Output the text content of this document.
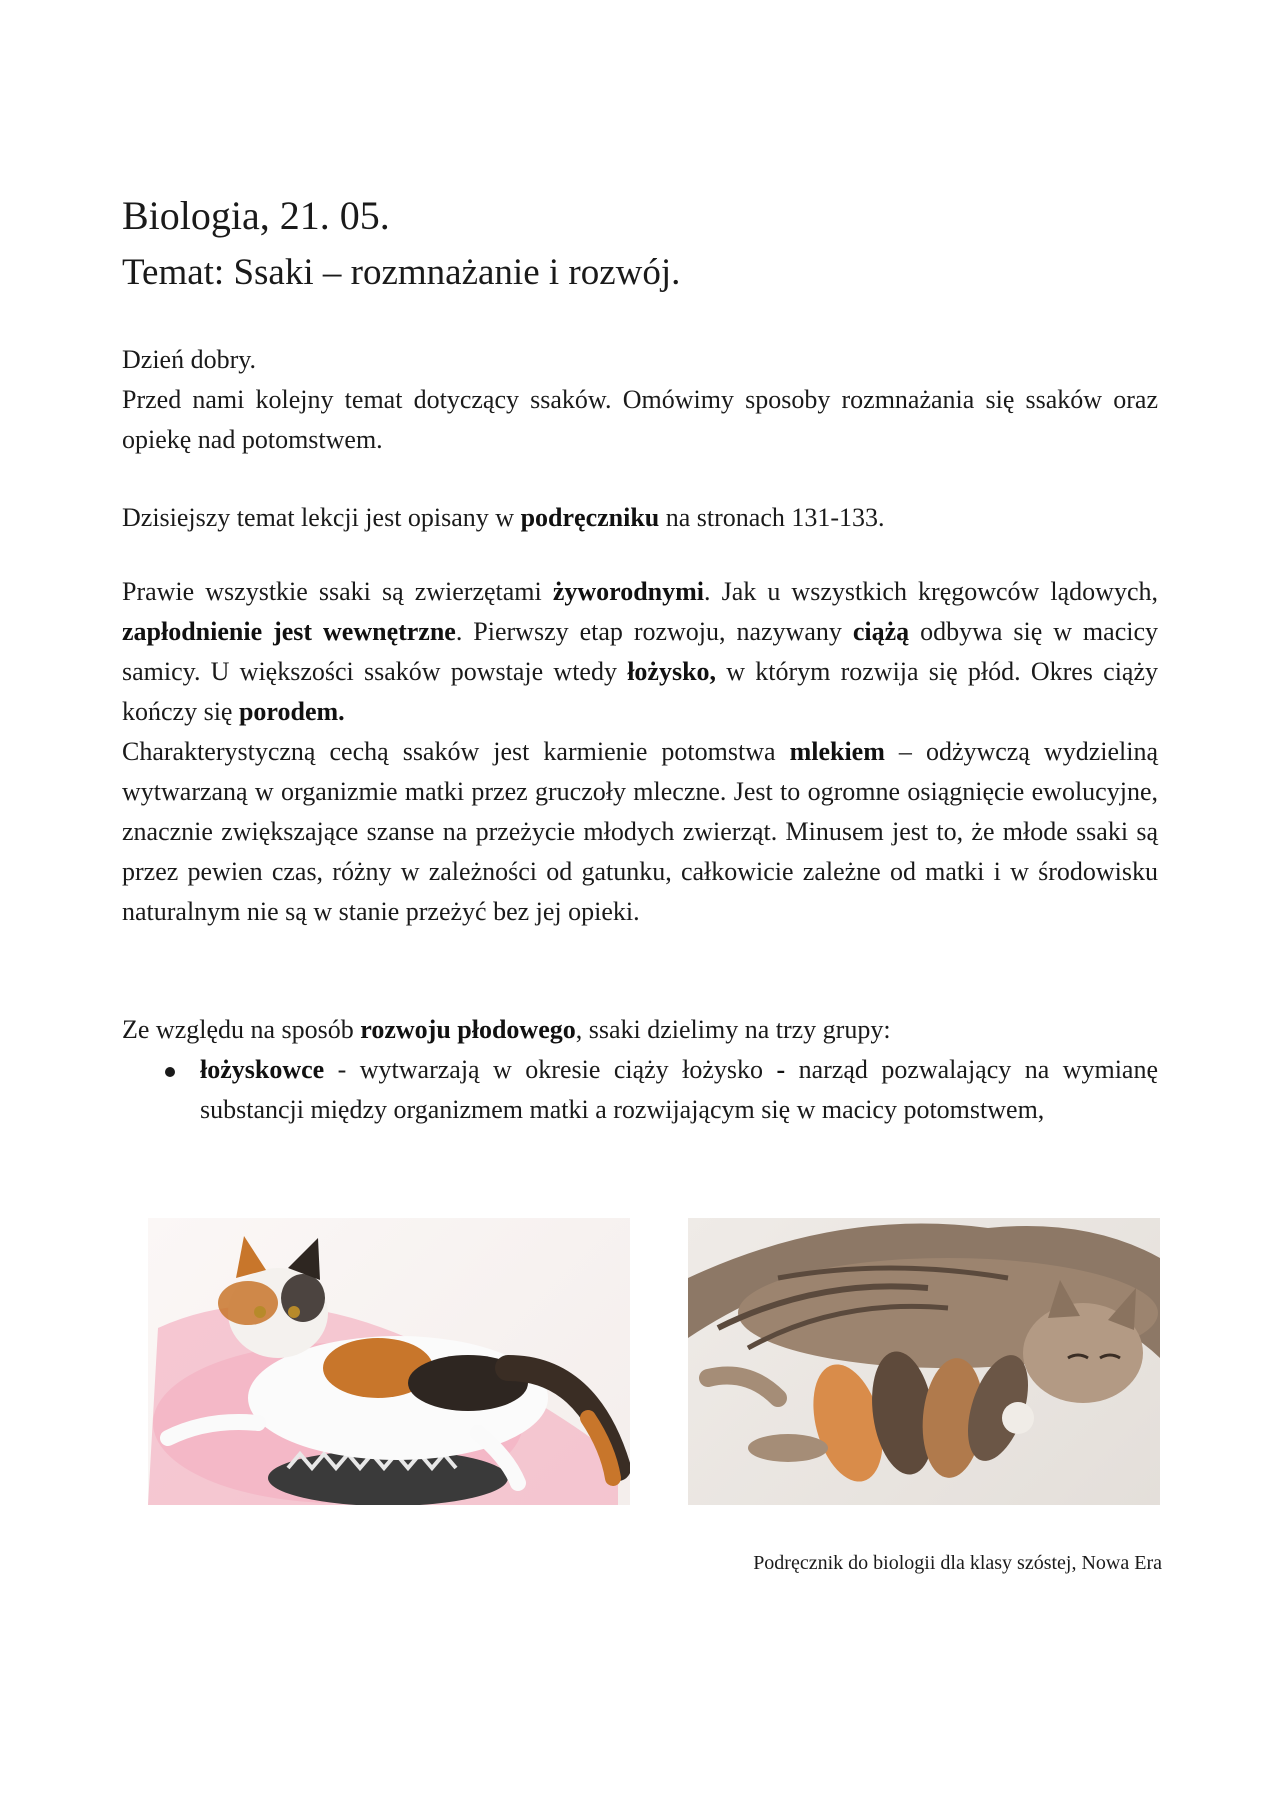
Biologia, 21. 05.
Temat: Ssaki – rozmnażanie i rozwój.

Dzień dobry.

Przed nami kolejny temat dotyczący ssaków. Omówimy sposoby rozmnażania się ssaków oraz opiekę nad potomstwem.

Dzisiejszy temat lekcji jest opisany w podręczniku na stronach 131-133.

Prawie wszystkie ssaki są zwierzętami żyworodnymi. Jak u wszystkich kręgowców lądowych, zapłodnienie jest wewnętrzne. Pierwszy etap rozwoju, nazywany ciążą odbywa się w macicy samicy. U większości ssaków powstaje wtedy łożysko, w którym rozwija się płód. Okres ciąży kończy się porodem.

Charakterystyczną cechą ssaków jest karmienie potomstwa mlekiem – odżywczą wydzieliną wytwarzaną w organizmie matki przez gruczoły mleczne. Jest to ogromne osiągnięcie ewolucyjne, znacznie zwiększające szanse na przeżycie młodych zwierząt. Minusem jest to, że młode ssaki są przez pewien czas, różny w zależności od gatunku, całkowicie zależne od matki i w środowisku naturalnym nie są w stanie przeżyć bez jej opieki.

Ze względu na sposób rozwoju płodowego, ssaki dzielimy na trzy grupy:

łożyskowce - wytwarzają w okresie ciąży łożysko - narząd pozwalający na wymianę substancji między organizmem matki a rozwijającym się w macicy potomstwem,
Podręcznik do biologii dla klasy szóstej, Nowa Era
